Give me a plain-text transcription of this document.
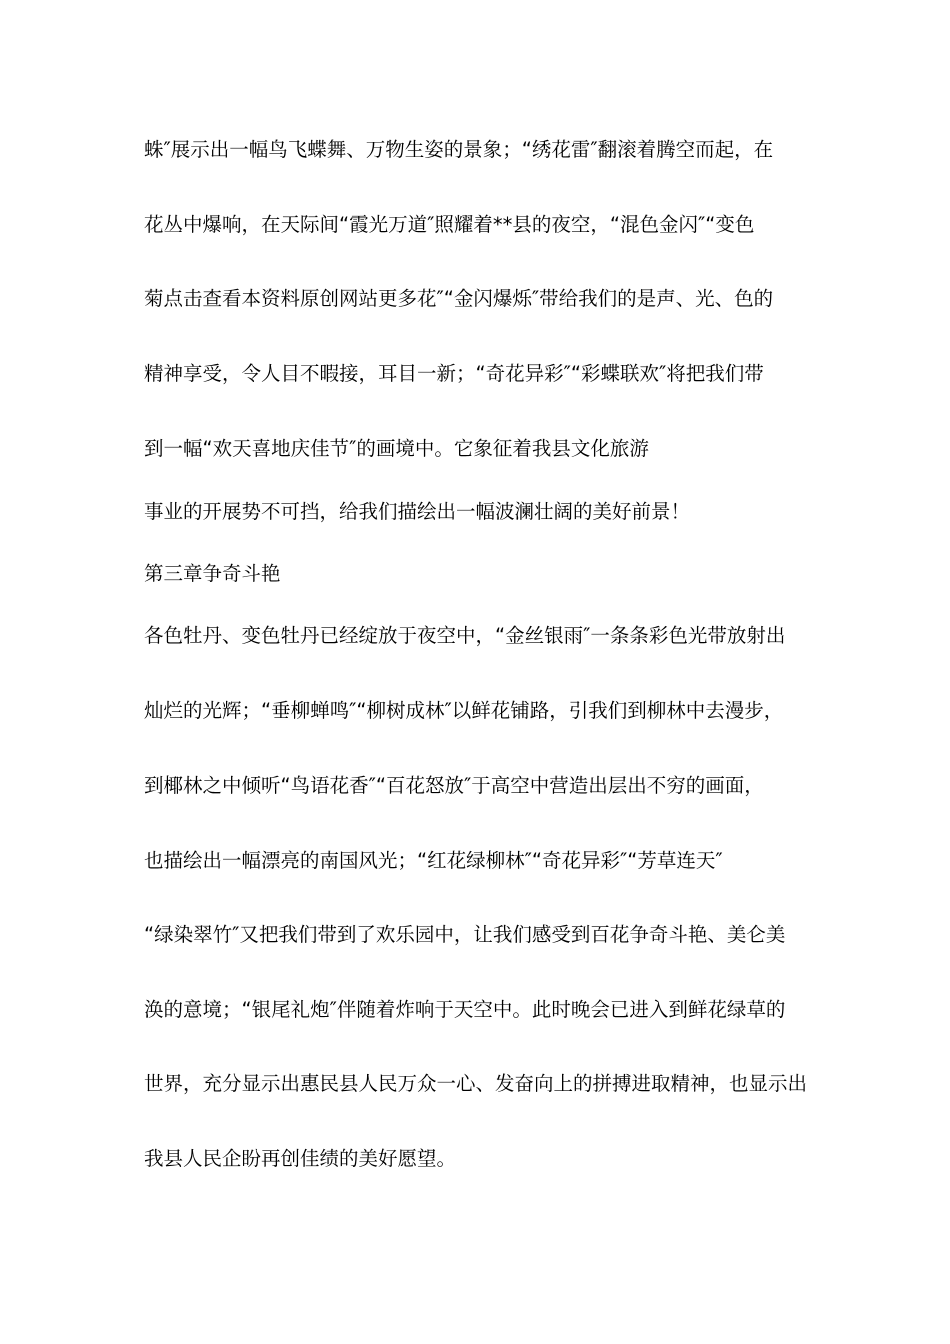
蛛″展示出一幅鸟飞蝶舞、万物生姿的景象；“绣花雷″翻滚着腾空而起，在
花丛中爆响，在天际间“霞光万道″照耀着**县的夜空，“混色金闪″“变色
菊点击查看本资料原创网站更多花″“金闪爆烁″带给我们的是声、光、色的
精神享受，令人目不暇接，耳目一新；“奇花异彩″“彩蝶联欢″将把我们带
到一幅“欢天喜地庆佳节″的画境中。它象征着我县文化旅游
事业的开展势不可挡，给我们描绘出一幅波澜壮阔的美好前景！
第三章争奇斗艳
各色牡丹、变色牡丹已经绽放于夜空中，“金丝银雨″一条条彩色光带放射出
灿烂的光辉；“垂柳蝉鸣″“柳树成林″以鲜花铺路，引我们到柳林中去漫步，
到椰林之中倾听“鸟语花香″“百花怒放″于高空中营造出层出不穷的画面，
也描绘出一幅漂亮的南国风光；“红花绿柳林″“奇花异彩″“芳草连天″
“绿染翠竹″又把我们带到了欢乐园中，让我们感受到百花争奇斗艳、美仑美
涣的意境；“银尾礼炮″伴随着炸响于天空中。此时晚会已进入到鲜花绿草的
世界，充分显示出惠民县人民万众一心、发奋向上的拼搏进取精神，也显示出
我县人民企盼再创佳绩的美好愿望。
